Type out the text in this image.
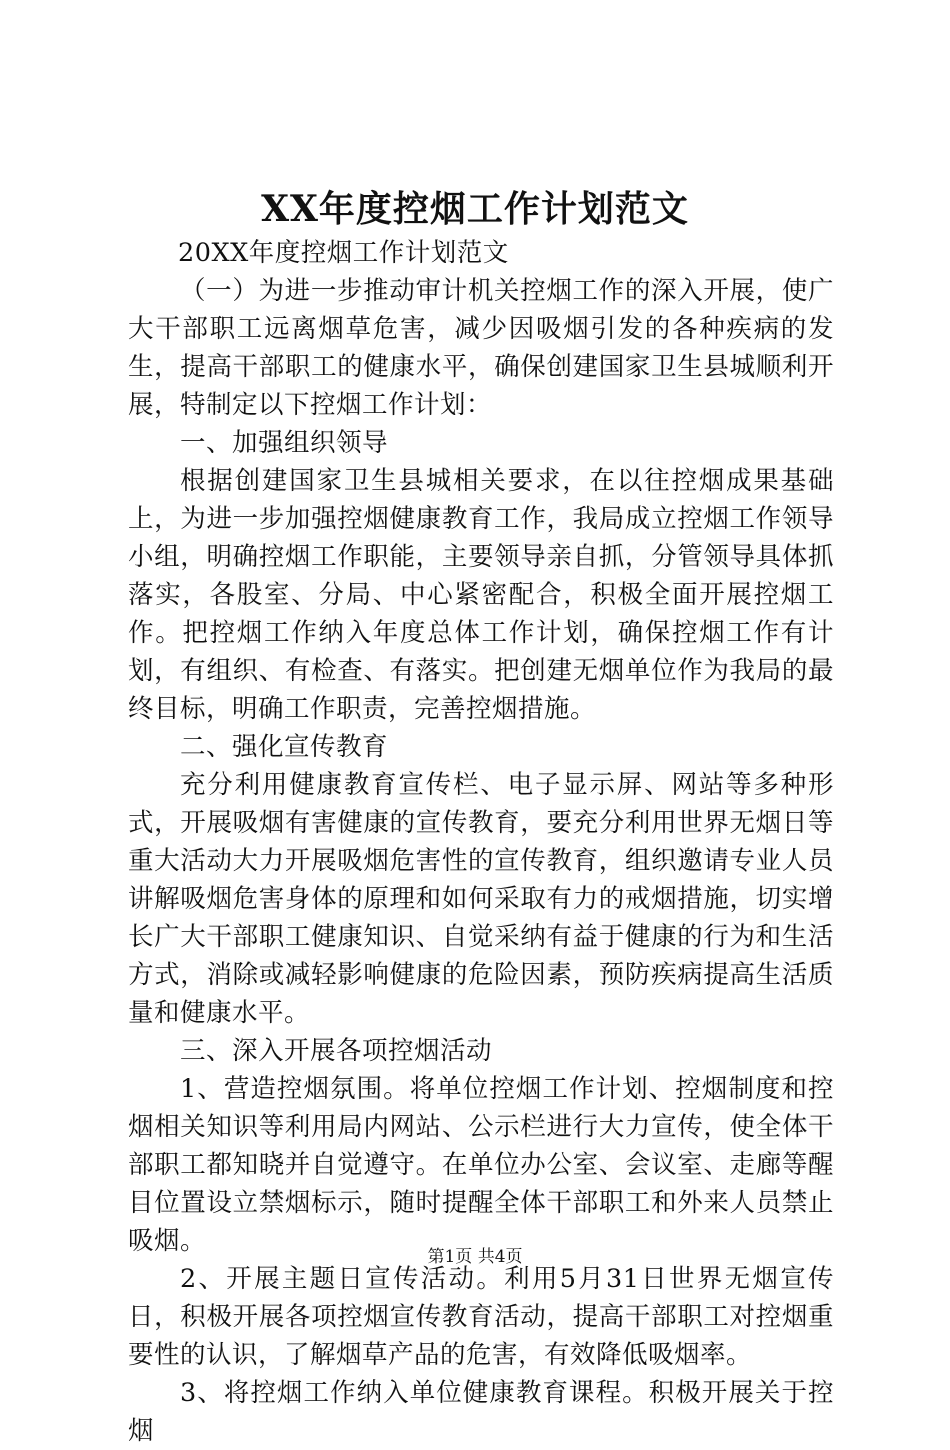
XX年度控烟工作计划范文

20XX年度控烟工作计划范文

（一）为进一步推动审计机关控烟工作的深入开展，使广大干部职工远离烟草危害，减少因吸烟引发的各种疾病的发生，提高干部职工的健康水平，确保创建国家卫生县城顺利开展，特制定以下控烟工作计划：

一、加强组织领导

根据创建国家卫生县城相关要求，在以往控烟成果基础上，为进一步加强控烟健康教育工作，我局成立控烟工作领导小组，明确控烟工作职能，主要领导亲自抓，分管领导具体抓落实，各股室、分局、中心紧密配合，积极全面开展控烟工作。把控烟工作纳入年度总体工作计划，确保控烟工作有计划，有组织、有检查、有落实。把创建无烟单位作为我局的最终目标，明确工作职责，完善控烟措施。

二、强化宣传教育

充分利用健康教育宣传栏、电子显示屏、网站等多种形式，开展吸烟有害健康的宣传教育，要充分利用世界无烟日等重大活动大力开展吸烟危害性的宣传教育，组织邀请专业人员讲解吸烟危害身体的原理和如何采取有力的戒烟措施，切实增长广大干部职工健康知识、自觉采纳有益于健康的行为和生活方式，消除或减轻影响健康的危险因素，预防疾病提高生活质量和健康水平。

三、深入开展各项控烟活动

1、营造控烟氛围。将单位控烟工作计划、控烟制度和控烟相关知识等利用局内网站、公示栏进行大力宣传，使全体干部职工都知晓并自觉遵守。在单位办公室、会议室、走廊等醒目位置设立禁烟标示，随时提醒全体干部职工和外来人员禁止吸烟。

2、开展主题日宣传活动。利用5月31日世界无烟宣传日，积极开展各项控烟宣传教育活动，提高干部职工对控烟重要性的认识，了解烟草产品的危害，有效降低吸烟率。

3、将控烟工作纳入单位健康教育课程。积极开展关于控烟

第1页 共4页
